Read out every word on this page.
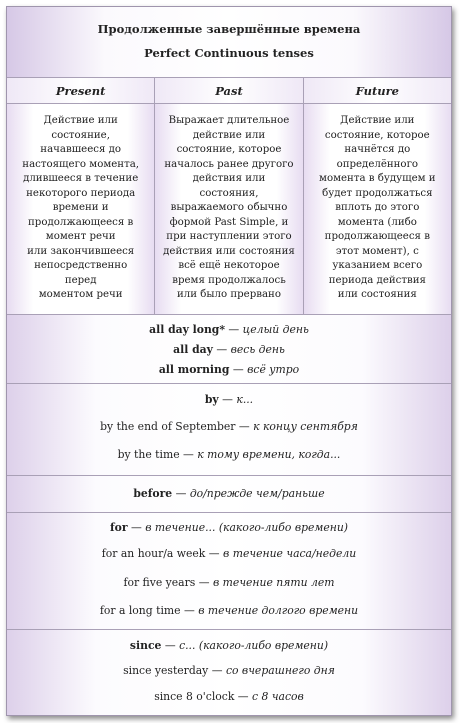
Продолженные завершённые времена
Perfect Continuous tenses
Present
Действие или
состояние,
начавшееся до
настоящего момента,
длившееся в течение
некоторого периода
времени и
продолжающееся в
момент речи
или закончившееся
непосредственно
перед
моментом речи
Past
Выражает длительное
действие или
состояние, которое
началось ранее другого
действия или
состояния,
выражаемого обычно
формой Past Simple, и
при наступлении этого
действия или состояния
всё ещё некоторое
время продолжалось
или было прервано
Future
Действие или
состояние, которое
начнётся до
определённого
момента в будущем и
будет продолжаться
вплоть до этого
момента (либо
продолжающееся в
этот момент), с
указанием всего
периода действия
или состояния
all day long* — целый день
all day — весь день
all morning — всё утро
by — к...
by the end of September — к концу сентября
by the time — к тому времени, когда...
before — до/прежде чем/раньше
for — в течение... (какого-либо времени)
for an hour/a week — в течение часа/недели
for five years — в течение пяти лет
for a long time — в течение долгого времени
since — с... (какого-либо времени)
since yesterday — со вчерашнего дня
since 8 o'clock — с 8 часов
